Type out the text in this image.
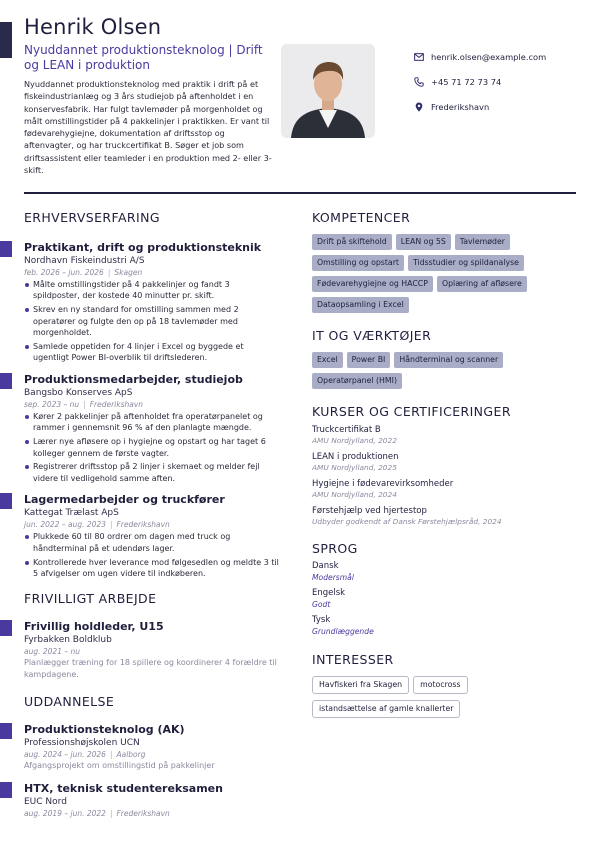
Henrik Olsen
Nyuddannet produktionsteknolog | Drift og LEAN i produktion
Nyuddannet produktionsteknolog med praktik i drift på et fiskeindustrianlæg og 3 års studiejob på aftenholdet i en konservesfabrik. Har fulgt tavlemøder på morgenholdet og målt omstillingstider på 4 pakkelinjer i praktikken. Er vant til fødevarehygiejne, dokumentation af driftsstop og aftenvagter, og har truckcertifikat B. Søger et job som driftsassistent eller teamleder i en produktion med 2- eller 3-skift.
henrik.olsen@example.com
+45 71 72 73 74
Frederikshavn
ERHVERVSERFARING
Praktikant, drift og produktionsteknik
Nordhavn Fiskeindustri A/S
feb. 2026 – jun. 2026 | Skagen
Målte omstillingstider på 4 pakkelinjer og fandt 3 spildposter, der kostede 40 minutter pr. skift.
Skrev en ny standard for omstilling sammen med 2 operatører og fulgte den op på 18 tavlemøder med morgenholdet.
Samlede oppetiden for 4 linjer i Excel og byggede et ugentligt Power BI-overblik til driftslederen.
Produktionsmedarbejder, studiejob
Bangsbo Konserves ApS
sep. 2023 – nu | Frederikshavn
Kører 2 pakkelinjer på aftenholdet fra operatørpanelet og rammer i gennemsnit 96 % af den planlagte mængde.
Lærer nye afløsere op i hygiejne og opstart og har taget 6 kolleger gennem de første vagter.
Registrerer driftsstop på 2 linjer i skemaet og melder fejl videre til vedligehold samme aften.
Lagermedarbejder og truckfører
Kattegat Trælast ApS
jun. 2022 – aug. 2023 | Frederikshavn
Plukkede 60 til 80 ordrer om dagen med truck og håndterminal på et udendørs lager.
Kontrollerede hver leverance mod følgesedlen og meldte 3 til 5 afvigelser om ugen videre til indkøberen.
FRIVILLIGT ARBEJDE
Frivillig holdleder, U15
Fyrbakken Boldklub
aug. 2021 – nu
Planlægger træning for 18 spillere og koordinerer 4 forældre til kampdagene.
UDDANNELSE
Produktionsteknolog (AK)
Professionshøjskolen UCN
aug. 2024 – jun. 2026 | Aalborg
Afgangsprojekt om omstillingstid på pakkelinjer
HTX, teknisk studentereksamen
EUC Nord
aug. 2019 – jun. 2022 | Frederikshavn
KOMPETENCER
Drift på skiftehold	LEAN og 5S	Tavlemøder
Omstilling og opstart	Tidsstudier og spildanalyse
Fødevarehygiejne og HACCP	Oplæring af afløsere
Dataopsamling i Excel
IT OG VÆRKTØJER
Excel	Power BI	Håndterminal og scanner
Operatørpanel (HMI)
KURSER OG CERTIFICERINGER
Truckcertifikat B
AMU Nordjylland, 2022
LEAN i produktionen
AMU Nordjylland, 2025
Hygiejne i fødevarevirksomheder
AMU Nordjylland, 2024
Førstehjælp ved hjertestop
Udbyder godkendt af Dansk Førstehjælpsråd, 2024
SPROG
Dansk
Modersmål
Engelsk
Godt
Tysk
Grundlæggende
INTERESSER
Havfiskeri fra Skagen	motocross
istandsættelse af gamle knallerter
